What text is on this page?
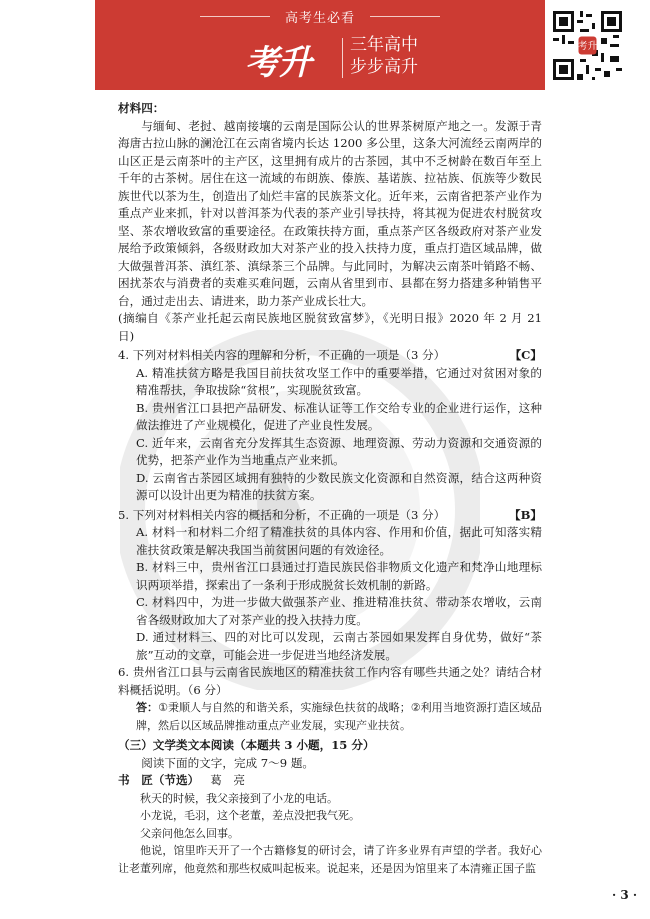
高考生必看
考升 三年高中
步步高升
考升

材料四：

与缅甸、老挝、越南接壤的云南是国际公认的世界茶树原产地之一。发源于青海唐古拉山脉的澜沧江在云南省境内长达 1200 多公里，这条大河流经云南两岸的山区正是云南茶叶的主产区，这里拥有成片的古茶园，其中不乏树龄在数百年至上千年的古茶树。居住在这一流域的布朗族、傣族、基诺族、拉祜族、佤族等少数民族世代以茶为生，创造出了灿烂丰富的民族茶文化。近年来，云南省把茶产业作为重点产业来抓，针对以普洱茶为代表的茶产业引导扶持，将其视为促进农村脱贫攻坚、茶农增收致富的重要途径。在政策扶持方面，重点茶产区各级政府对茶产业发展给予政策倾斜，各级财政加大对茶产业的投入扶持力度，重点打造区域品牌，做大做强普洱茶、滇红茶、滇绿茶三个品牌。与此同时，为解决云南茶叶销路不畅、困扰茶农与消费者的卖难买难问题，云南从省里到市、县都在努力搭建多种销售平台，通过走出去、请进来，助力茶产业成长壮大。

(摘编自《茶产业托起云南民族地区脱贫致富梦》，《光明日报》2020 年 2 月 21 日)

4. 下列对材料相关内容的理解和分析，不正确的一项是（3 分）	【C】

A. 精准扶贫方略是我国目前扶贫攻坚工作中的重要举措，它通过对贫困对象的精准帮扶，争取拔除“贫根”，实现脱贫致富。

B. 贵州省江口县把产品研发、标准认证等工作交给专业的企业进行运作，这种做法推进了产业规模化，促进了产业良性发展。

C. 近年来，云南省充分发挥其生态资源、地理资源、劳动力资源和交通资源的优势，把茶产业作为当地重点产业来抓。

D. 云南省古茶园区域拥有独特的少数民族文化资源和自然资源，结合这两种资源可以设计出更为精准的扶贫方案。

5. 下列对材料相关内容的概括和分析，不正确的一项是（3 分）	【B】

A. 材料一和材料二介绍了精准扶贫的具体内容、作用和价值，据此可知落实精准扶贫政策是解决我国当前贫困问题的有效途径。

B. 材料三中，贵州省江口县通过打造民族民俗非物质文化遗产和梵净山地理标识两项举措，探索出了一条利于形成脱贫长效机制的新路。

C. 材料四中，为进一步做大做强茶产业、推进精准扶贫、带动茶农增收，云南省各级财政加大了对茶产业的投入扶持力度。

D. 通过材料三、四的对比可以发现，云南古茶园如果发挥自身优势，做好“茶旅”互动的文章，可能会进一步促进当地经济发展。

6. 贵州省江口县与云南省民族地区的精准扶贫工作内容有哪些共通之处？请结合材料概括说明。（6 分）

答：①秉顺人与自然的和谐关系，实施绿色扶贫的战略；②利用当地资源打造区域品牌，然后以区域品牌推动重点产业发展，实现产业扶贫。

（三）文学类文本阅读（本题共 3 小题，15 分）

阅读下面的文字，完成 7～9 题。

书　匠（节选） 葛　亮

秋天的时候，我父亲接到了小龙的电话。

小龙说，毛羽，这个老董，差点没把我气死。

父亲问他怎么回事。

他说，馆里昨天开了一个古籍修复的研讨会，请了许多业界有声望的学者。我好心让老董列席，他竟然和那些权威叫起板来。说起来，还是因为馆里来了本清雍正国子监

· 3 ·
